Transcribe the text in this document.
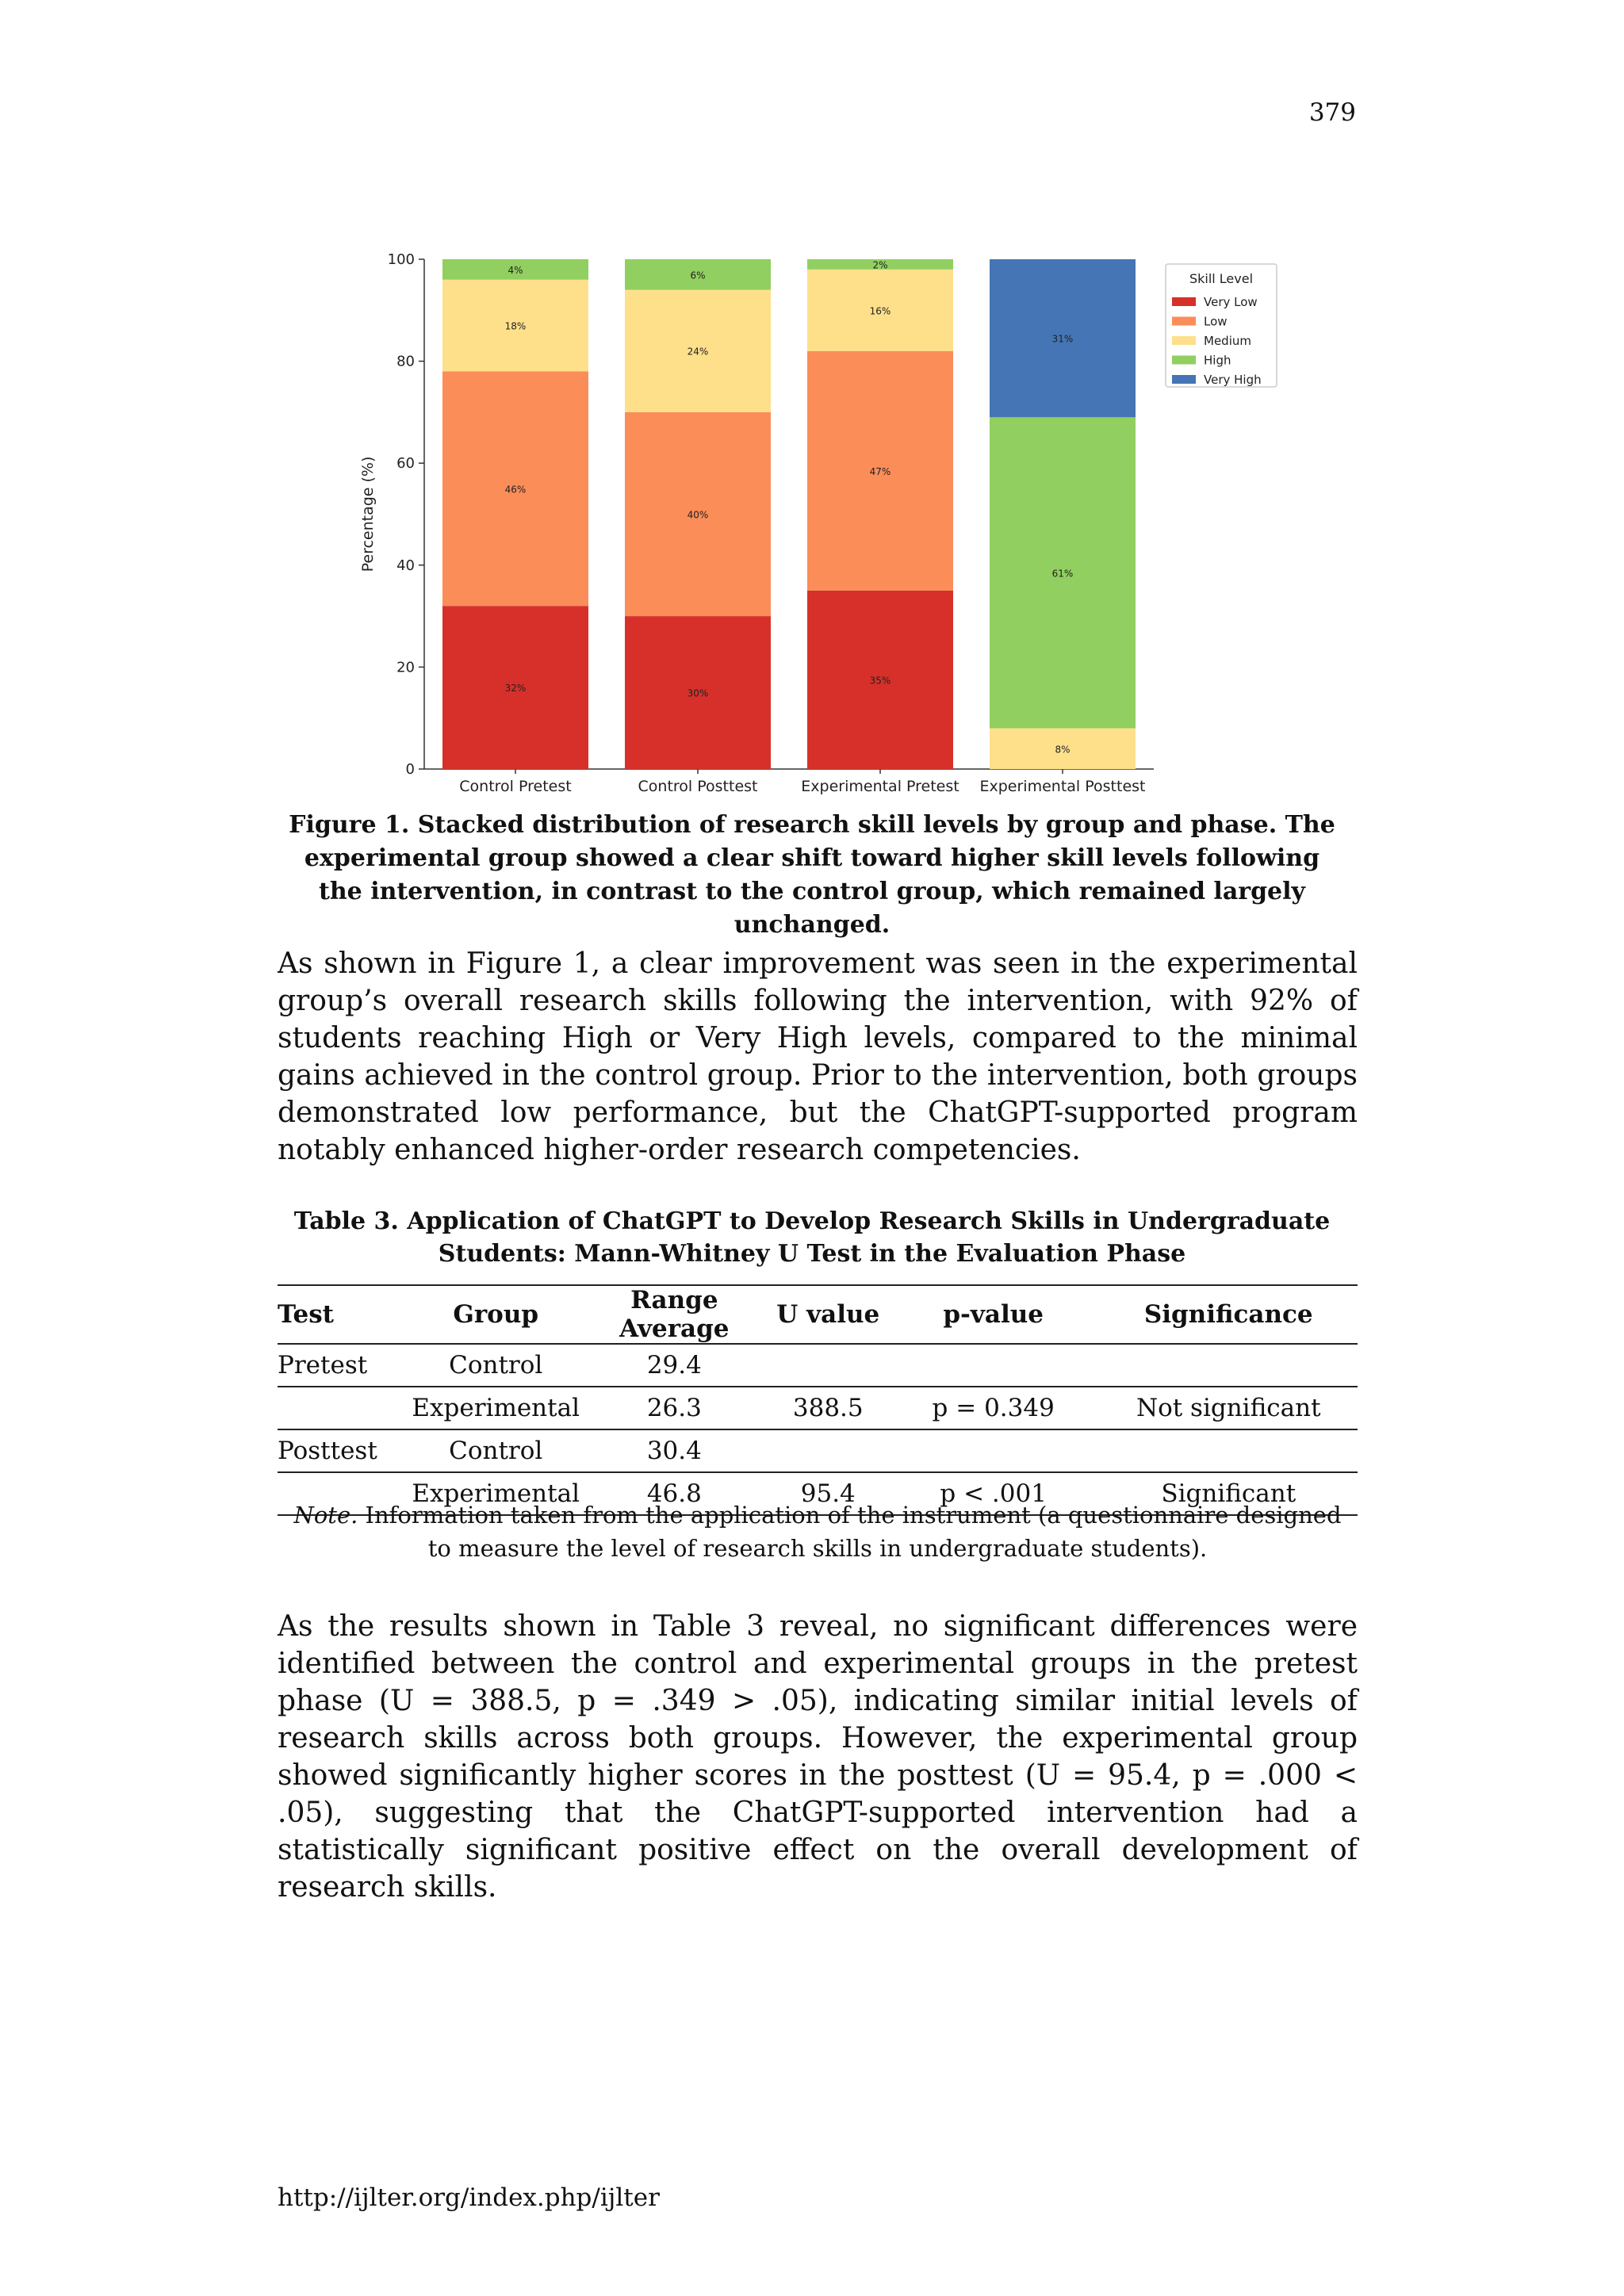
379
0
20
40
60
80
100
Percentage (%)
32%
46%
18%
4%
Control Pretest
30%
40%
24%
6%
Control Posttest
35%
47%
16%
2%
Experimental Pretest
8%
61%
31%
Experimental Posttest
Skill Level
Very Low
Low
Medium
High
Very High
Figure 1. Stacked distribution of research skill levels by group and phase. The experimental group showed a clear shift toward higher skill levels following the intervention, in contrast to the control group, which remained largely unchanged.
As shown in Figure 1, a clear improvement was seen in the experimental group’s overall research skills following the intervention, with 92% of students reaching High or Very High levels, compared to the minimal gains achieved in the control group. Prior to the intervention, both groups demonstrated low performance, but the ChatGPT-supported program notably enhanced higher-order research competencies.
Table 3. Application of ChatGPT to Develop Research Skills in Undergraduate
Students: Mann-Whitney U Test in the Evaluation Phase
Test	Group	Range Average	U value	p-value	Significance
Pretest	Control	29.4			
	Experimental	26.3	388.5	p = 0.349	Not significant
Posttest	Control	30.4			
	Experimental	46.8	95.4	p < .001	Significant
Note. Information taken from the application of the instrument (a questionnaire designed
to measure the level of research skills in undergraduate students).
As the results shown in Table 3 reveal, no significant differences were identified between the control and experimental groups in the pretest phase (U = 388.5, p = .349 > .05), indicating similar initial levels of research skills across both groups. However, the experimental group showed significantly higher scores in the posttest (U = 95.4, p = .000 < .05), suggesting that the ChatGPT-supported intervention had a statistically significant positive effect on the overall development of research skills.
http://ijlter.org/index.php/ijlter
